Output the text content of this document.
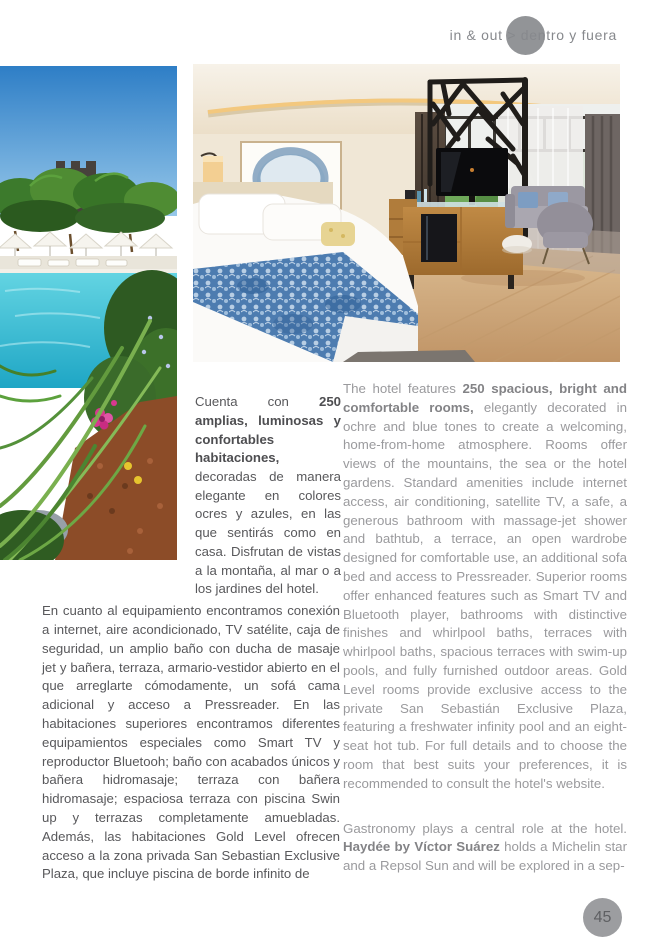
in & out > dentro y fuera

Cuenta con 250 amplias, luminosas y confortables habitaciones, decoradas de manera elegante en colores ocres y azules, en las que sentirás como en casa. Disfrutan de vistas a la montaña, al mar o a los jardines del hotel.

En cuanto al equipamiento encontramos conexión a internet, aire acondicionado, TV satélite, caja de seguridad, un amplio baño con ducha de masaje jet y bañera, terraza, armario-vestidor abierto en el que arreglarte cómodamente, un sofá cama adicional y acceso a Pressreader. En las habitaciones superiores encontramos diferentes equipamientos especiales como Smart TV y reproductor Bluetooh; baño con acabados únicos y bañera hidromasaje; terraza con bañera hidromasaje; espaciosa terraza con piscina Swin up y terrazas completamente amuebladas. Además, las habitaciones Gold Level ofrecen acceso a la zona privada San Sebastian Exclusive Plaza, que incluye piscina de borde infinito de

The hotel features 250 spacious, bright and comfortable rooms, elegantly decorated in ochre and blue tones to create a welcoming, home-from-home atmosphere. Rooms offer views of the mountains, the sea or the hotel gardens. Standard amenities include internet access, air conditioning, satellite TV, a safe, a generous bathroom with massage-jet shower and bathtub, a terrace, an open wardrobe designed for comfortable use, an additional sofa bed and access to Pressreader. Superior rooms offer enhanced features such as Smart TV and Bluetooth player, bathrooms with distinctive finishes and whirlpool baths, terraces with whirlpool baths, spacious terraces with swim-up pools, and fully furnished outdoor areas. Gold Level rooms provide exclusive access to the private San Sebastián Exclusive Plaza, featuring a freshwater infinity pool and an eight-seat hot tub. For full details and to choose the room that best suits your preferences, it is recommended to consult the hotel's website.

Gastronomy plays a central role at the hotel. Haydée by Víctor Suárez holds a Michelin star and a Repsol Sun and will be explored in a sep-

45
